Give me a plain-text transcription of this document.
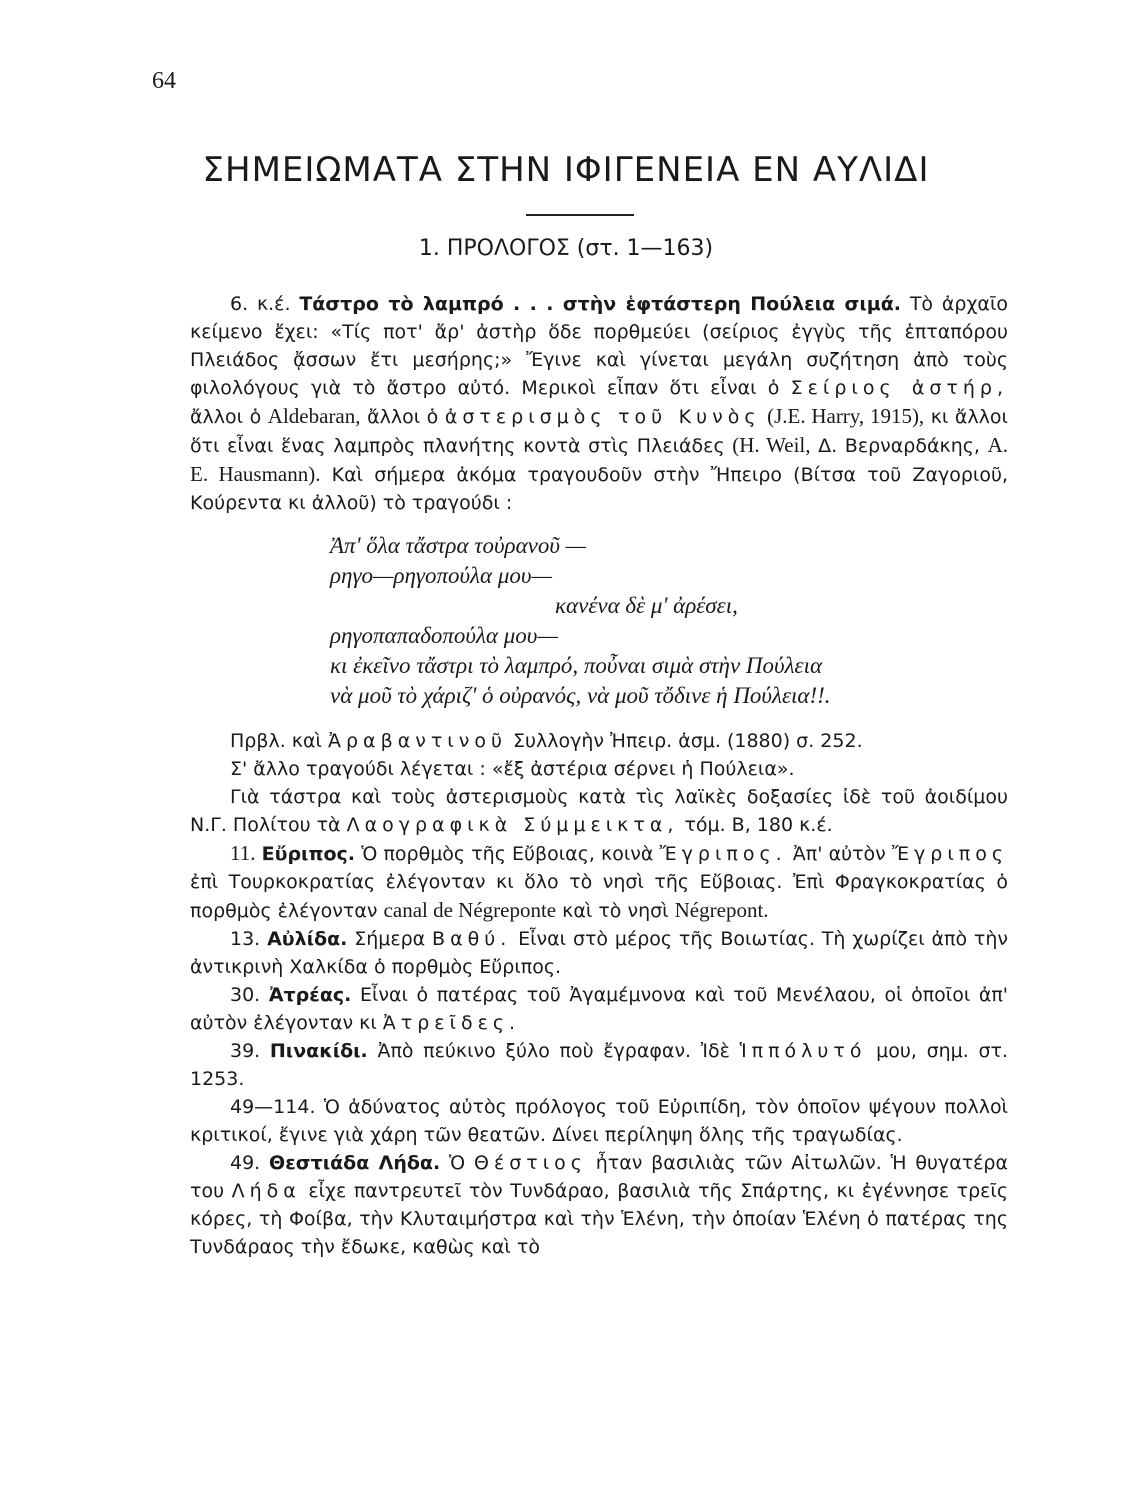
64
ΣΗΜΕΙΩΜΑΤΑ ΣΤΗΝ ΙΦΙΓΕΝΕΙΑ ΕΝ ΑΥΛΙΔΙ
1. ΠΡΟΛΟΓΟΣ (στ. 1—163)

6. κ.έ. Τάστρο τὸ λαμπρό . . . στὴν ἑφτάστερη Πούλεια σιμά. Τὸ ἀρχαῖο κείμενο ἔχει: «Τίς ποτ' ἄρ' ἀστὴρ ὅδε πορθμεύει (σείριος ἐγγὺς τῆς ἑπταπόρου Πλειάδος ᾄσσων ἔτι μεσήρης;» Ἔγινε καὶ γίνεται μεγάλη συζήτηση ἀπὸ τοὺς φιλολόγους γιὰ τὸ ἄστρο αὐτό. Μερικοὶ εἶπαν ὅτι εἶναι ὁ Σείριος ἀστήρ, ἄλλοι ὁ Aldebaran, ἄλλοι ὁ ἀστερισμὸς τοῦ Κυνὸς (J.E. Harry, 1915), κι ἄλλοι ὅτι εἶναι ἕνας λαμπρὸς πλανήτης κοντὰ στὶς Πλειάδες (H. Weil, Δ. Βερναρδάκης, A. E. Hausmann). Καὶ σήμερα ἀκόμα τραγουδοῦν στὴν Ἤπειρο (Βίτσα τοῦ Ζαγοριοῦ, Κούρεντα κι ἀλλοῦ) τὸ τραγούδι :

Ἀπ' ὅλα τἄστρα τοὐρανοῦ —
ρηγο—ρηγοπούλα μου—
κανένα δὲ μ' ἀρέσει,
ρηγοπαπαδοπούλα μου—
κι ἐκεῖνο τἄστρι τὸ λαμπρό, ποὖναι σιμὰ στὴν Πούλεια
νὰ μοῦ τὸ χάριζ' ὁ οὐρανός, νὰ μοῦ τὄδινε ἡ Πούλεια!!.

Πρβλ. καὶ Ἀραβαντινοῦ Συλλογὴν Ἠπειρ. ἀσμ. (1880) σ. 252.

Σ' ἄλλο τραγούδι λέγεται : «ἔξ ἀστέρια σέρνει ἡ Πούλεια».

Γιὰ τάστρα καὶ τοὺς ἀστερισμοὺς κατὰ τὶς λαϊκὲς δοξασίες ἰδὲ τοῦ ἀοιδίμου Ν.Γ. Πολίτου τὰ Λαογραφικὰ Σύμμεικτα, τόμ. Β, 180 κ.έ.

11. Εὔριπος. Ὁ πορθμὸς τῆς Εὔβοιας, κοινὰ Ἔγριπος. Ἀπ' αὐτὸν Ἔγριπος ἐπὶ Τουρκοκρατίας ἐλέγονταν κι ὅλο τὸ νησὶ τῆς Εὔβοιας. Ἐπὶ Φραγκοκρατίας ὁ πορθμὸς ἐλέγονταν canal de Négreponte καὶ τὸ νησὶ Négrepont.

13. Αὐλίδα. Σήμερα Βαθύ. Εἶναι στὸ μέρος τῆς Βοιωτίας. Τὴ χωρίζει ἀπὸ τὴν ἀντικρινὴ Χαλκίδα ὁ πορθμὸς Εὔριπος.

30. Ἀτρέας. Εἶναι ὁ πατέρας τοῦ Ἀγαμέμνονα καὶ τοῦ Μενέλαου, οἱ ὁποῖοι ἀπ' αὐτὸν ἐλέγονταν κι Ἀτρεῖδες.

39. Πινακίδι. Ἀπὸ πεύκινο ξύλο ποὺ ἔγραφαν. Ἰδὲ Ἱππόλυτό μου, σημ. στ. 1253.

49—114. Ὁ ἀδύνατος αὐτὸς πρόλογος τοῦ Εὐριπίδη, τὸν ὁποῖον ψέγουν πολλοὶ κριτικοί, ἔγινε γιὰ χάρη τῶν θεατῶν. Δίνει περίληψη ὅλης τῆς τραγωδίας.

49. Θεστιάδα Λήδα. Ὁ Θέστιος ἦταν βασιλιὰς τῶν Αἰτωλῶν. Ἡ θυγατέρα του Λήδα εἶχε παντρευτεῖ τὸν Τυνδάραο, βασιλιὰ τῆς Σπάρτης, κι ἐγέννησε τρεῖς κόρες, τὴ Φοίβα, τὴν Κλυταιμήστρα καὶ τὴν Ἑλένη, τὴν ὁποίαν Ἑλένη ὁ πατέρας της Τυνδάραος τὴν ἔδωκε, καθὼς καὶ τὸ
